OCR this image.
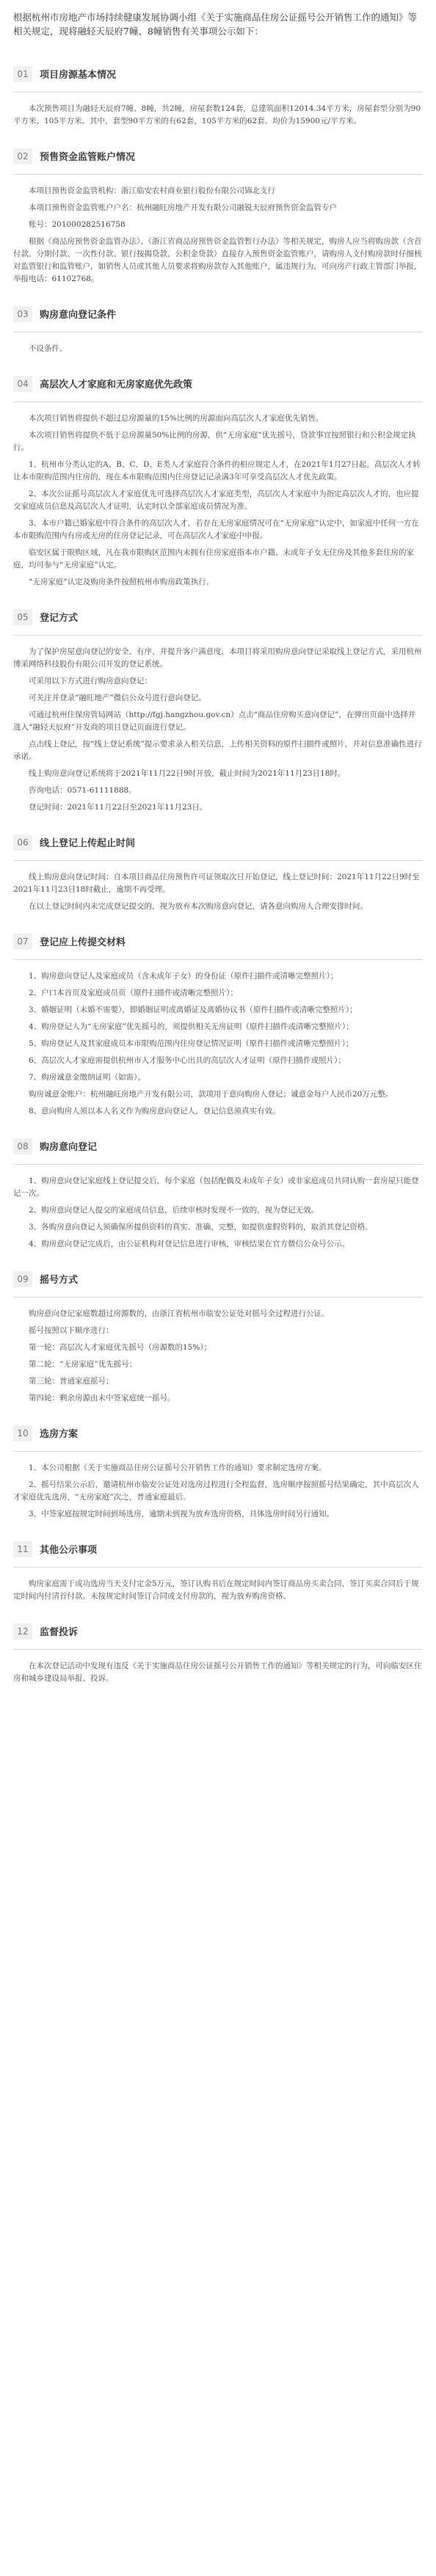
根据杭州市房地产市场持续健康发展协调小组《关于实施商品住房公证摇号公开销售工作的通知》等相关规定，现将融轻天辰府7幢、8幢销售有关事项公示如下：
01	项目房源基本情况

本次预售项目为融轻天辰府7幢、8幢，共2幢，房屋套数124套，总建筑面积12014.34平方米，房屋套型分别为90平方米、105平方米。其中，套型90平方米的有62套，105平方米的62套。均价为15900元/平方米。

02	预售资金监管账户情况

本项目预售资金监管机构：浙江临安农村商业银行股份有限公司锦北支行

本项目预售资金监管账户户名：杭州融旺房地产开发有限公司融锐天辰府预售资金监管专户

账号：201000282516758

根据《商品房预售资金监管办法》、《浙江省商品房预售资金监管暂行办法》等相关规定，购房人应当将购房款（含首付款、分期付款、一次性付款、银行按揭贷款、公积金贷款）直接存入预售资金监管账户，请购房人支付购房款时仔细核对监管银行和监管账户，如销售人员或其他人员要求将购房款存入其他账户，属违规行为，可向房产行政主管部门举报，举报电话：61102768。

03	购房意向登记条件

不设条件。

04	高层次人才家庭和无房家庭优先政策

本次项目销售将提供不超过总房源量的15%比例的房源面向高层次人才家庭优先销售。

本次项目销售将提供不低于总房源量50%比例的房源，供“无房家庭”优先摇号，贷款事宜按照银行和公积金规定执行。

1、杭州市分类认定的A、B、C、D、E类人才家庭符合条件的相应规定人才，在2021年1月27日起，高层次人才转让本市限购范围内住房的，现在本市限购范围内住房登记记录满3年可享受高层次人才优先政策。

2、本次公证摇号高层次人才家庭优先可选择高层次人才家庭类型，高层次人才家庭中为指定高层次人才的，也应提交家庭成员信息及高层次人才证明，认定时以全部家庭成员情况为准。

3、本市户籍已婚家庭中符合条件的高层次人才，若存在无房家庭情况可在“无房家庭”认定中，如家庭中任何一方在本市限购范围内有房或无房的住房登记记录，可在高层次人才家庭中申报。

临安区属于限购区域，凡在我市限购区范围内未拥有住房家庭指本市户籍、未成年子女无住房及其他多套住房的家庭，均可参与“无房家庭”认定。

“无房家庭”认定及购房条件按照杭州市购房政策执行。

05	登记方式

为了保护房屋意向登记的安全、有序、并提升客户满意度，本项目将采用购房意向登记采取线上登记方式，采用杭州博采网络科技股份有限公司开发的登记系统。

可采用以下方式进行购房意向登记：

可关注并登录“融旺地产”微信公众号进行意向登记。

可通过杭州住保房管局网站（http://fgj.hangzhou.gov.cn）点击“商品住房购买意向登记”，在弹出页面中选择并进入“融轻天辰府”开发商的项目登记页面进行登记。

点击线上登记，按“线上登记系统”提示要求录入相关信息，上传相关资料的原件扫描件或照片，并对信息准确性进行承诺。

线上购房意向登记系统将于2021年11月22日9时开放，截止时间为2021年11月23日18时。

咨询电话：0571-61111888。

登记时间：2021年11月22日至2021年11月23日。

06	线上登记上传起止时间

线上购房意向登记时间：自本项目商品住房预售许可证领取次日开始登记，线上登记时间：2021年11月22日9时至2021年11月23日18时截止，逾期不再受理。

在以上登记时间内未完成登记提交的，视为放弃本次购房意向登记，请各意向购房人合理安排时间。

07	登记应上传提交材料

1、购房意向登记人及家庭成员（含未成年子女）的身份证（原件扫描件或清晰完整照片）；

2、户口本首页及家庭成员页（原件扫描件或清晰完整照片）；

3、婚姻证明（未婚不需要），即婚姻证明或离婚证及离婚协议书（原件扫描件或清晰完整照片）；

4、购房登记人为“无房家庭”优先摇号的，须提供相关无房证明（原件扫描件或清晰完整照片）；

5、购房登记人及其家庭成员本市限购范围内住房登记情况证明（原件扫描件或清晰完整照片）；

6、高层次人才家庭需提供杭州市人才服务中心出具的高层次人才证明（原件扫描件或照片）；

7、购房诚意金缴纳证明（如需）。

购房诚意金账户：杭州融旺房地产开发有限公司，款项用于意向购房人登记；诚意金每户人民币20万元整。

8、意向购房人须以本人名义作为购房意向登记人，登记信息须真实有效。

08	购房意向登记

1、购房意向登记家庭线上登记提交后，每个家庭（包括配偶及未成年子女）或非家庭成员共同认购一套房屋只能登记一次。

2、购房意向登记人提交的家庭成员信息，后续审核时发现不一致的，视为登记无效。

3、各购房意向登记人须确保所提供资料的真实、准确、完整，如提供虚假资料的，取消其登记资格。

4、购房意向登记完成后，由公证机构对登记信息进行审核，审核结果在官方微信公众号公示。

09	摇号方式

购房意向登记家庭数超过房源数的，由浙江省杭州市临安公证处对摇号全过程进行公证。

摇号按照以下顺序进行：

第一轮：高层次人才家庭优先摇号（房源数的15%）；

第二轮：“无房家庭”优先摇号；

第三轮：普通家庭摇号；

第四轮：剩余房源由未中签家庭统一摇号。

10	选房方案

1、本公司根据《关于实施商品住房公证摇号公开销售工作的通知》要求制定选房方案。

2、摇号结果公示后，邀请杭州市临安公证处对选房过程进行全程监督，选房顺序按照摇号结果确定，其中高层次人才家庭优先选房，“无房家庭”次之，普通家庭最后。

3、中签家庭按规定时间到场选房，逾期未到视为放弃选房资格，具体选房时间另行通知。

11	其他公示事项

购房家庭需于成功选房当天支付定金5万元，签订认购书后在规定时间内签订商品房买卖合同，签订买卖合同后于规定时间内付清首付款。未按规定时间签订合同或支付房款的，视为放弃购房资格。

12	监督投诉

在本次登记活动中发现有违反《关于实施商品住房公证摇号公开销售工作的通知》等相关规定的行为，可向临安区住房和城乡建设局举报、投诉。
